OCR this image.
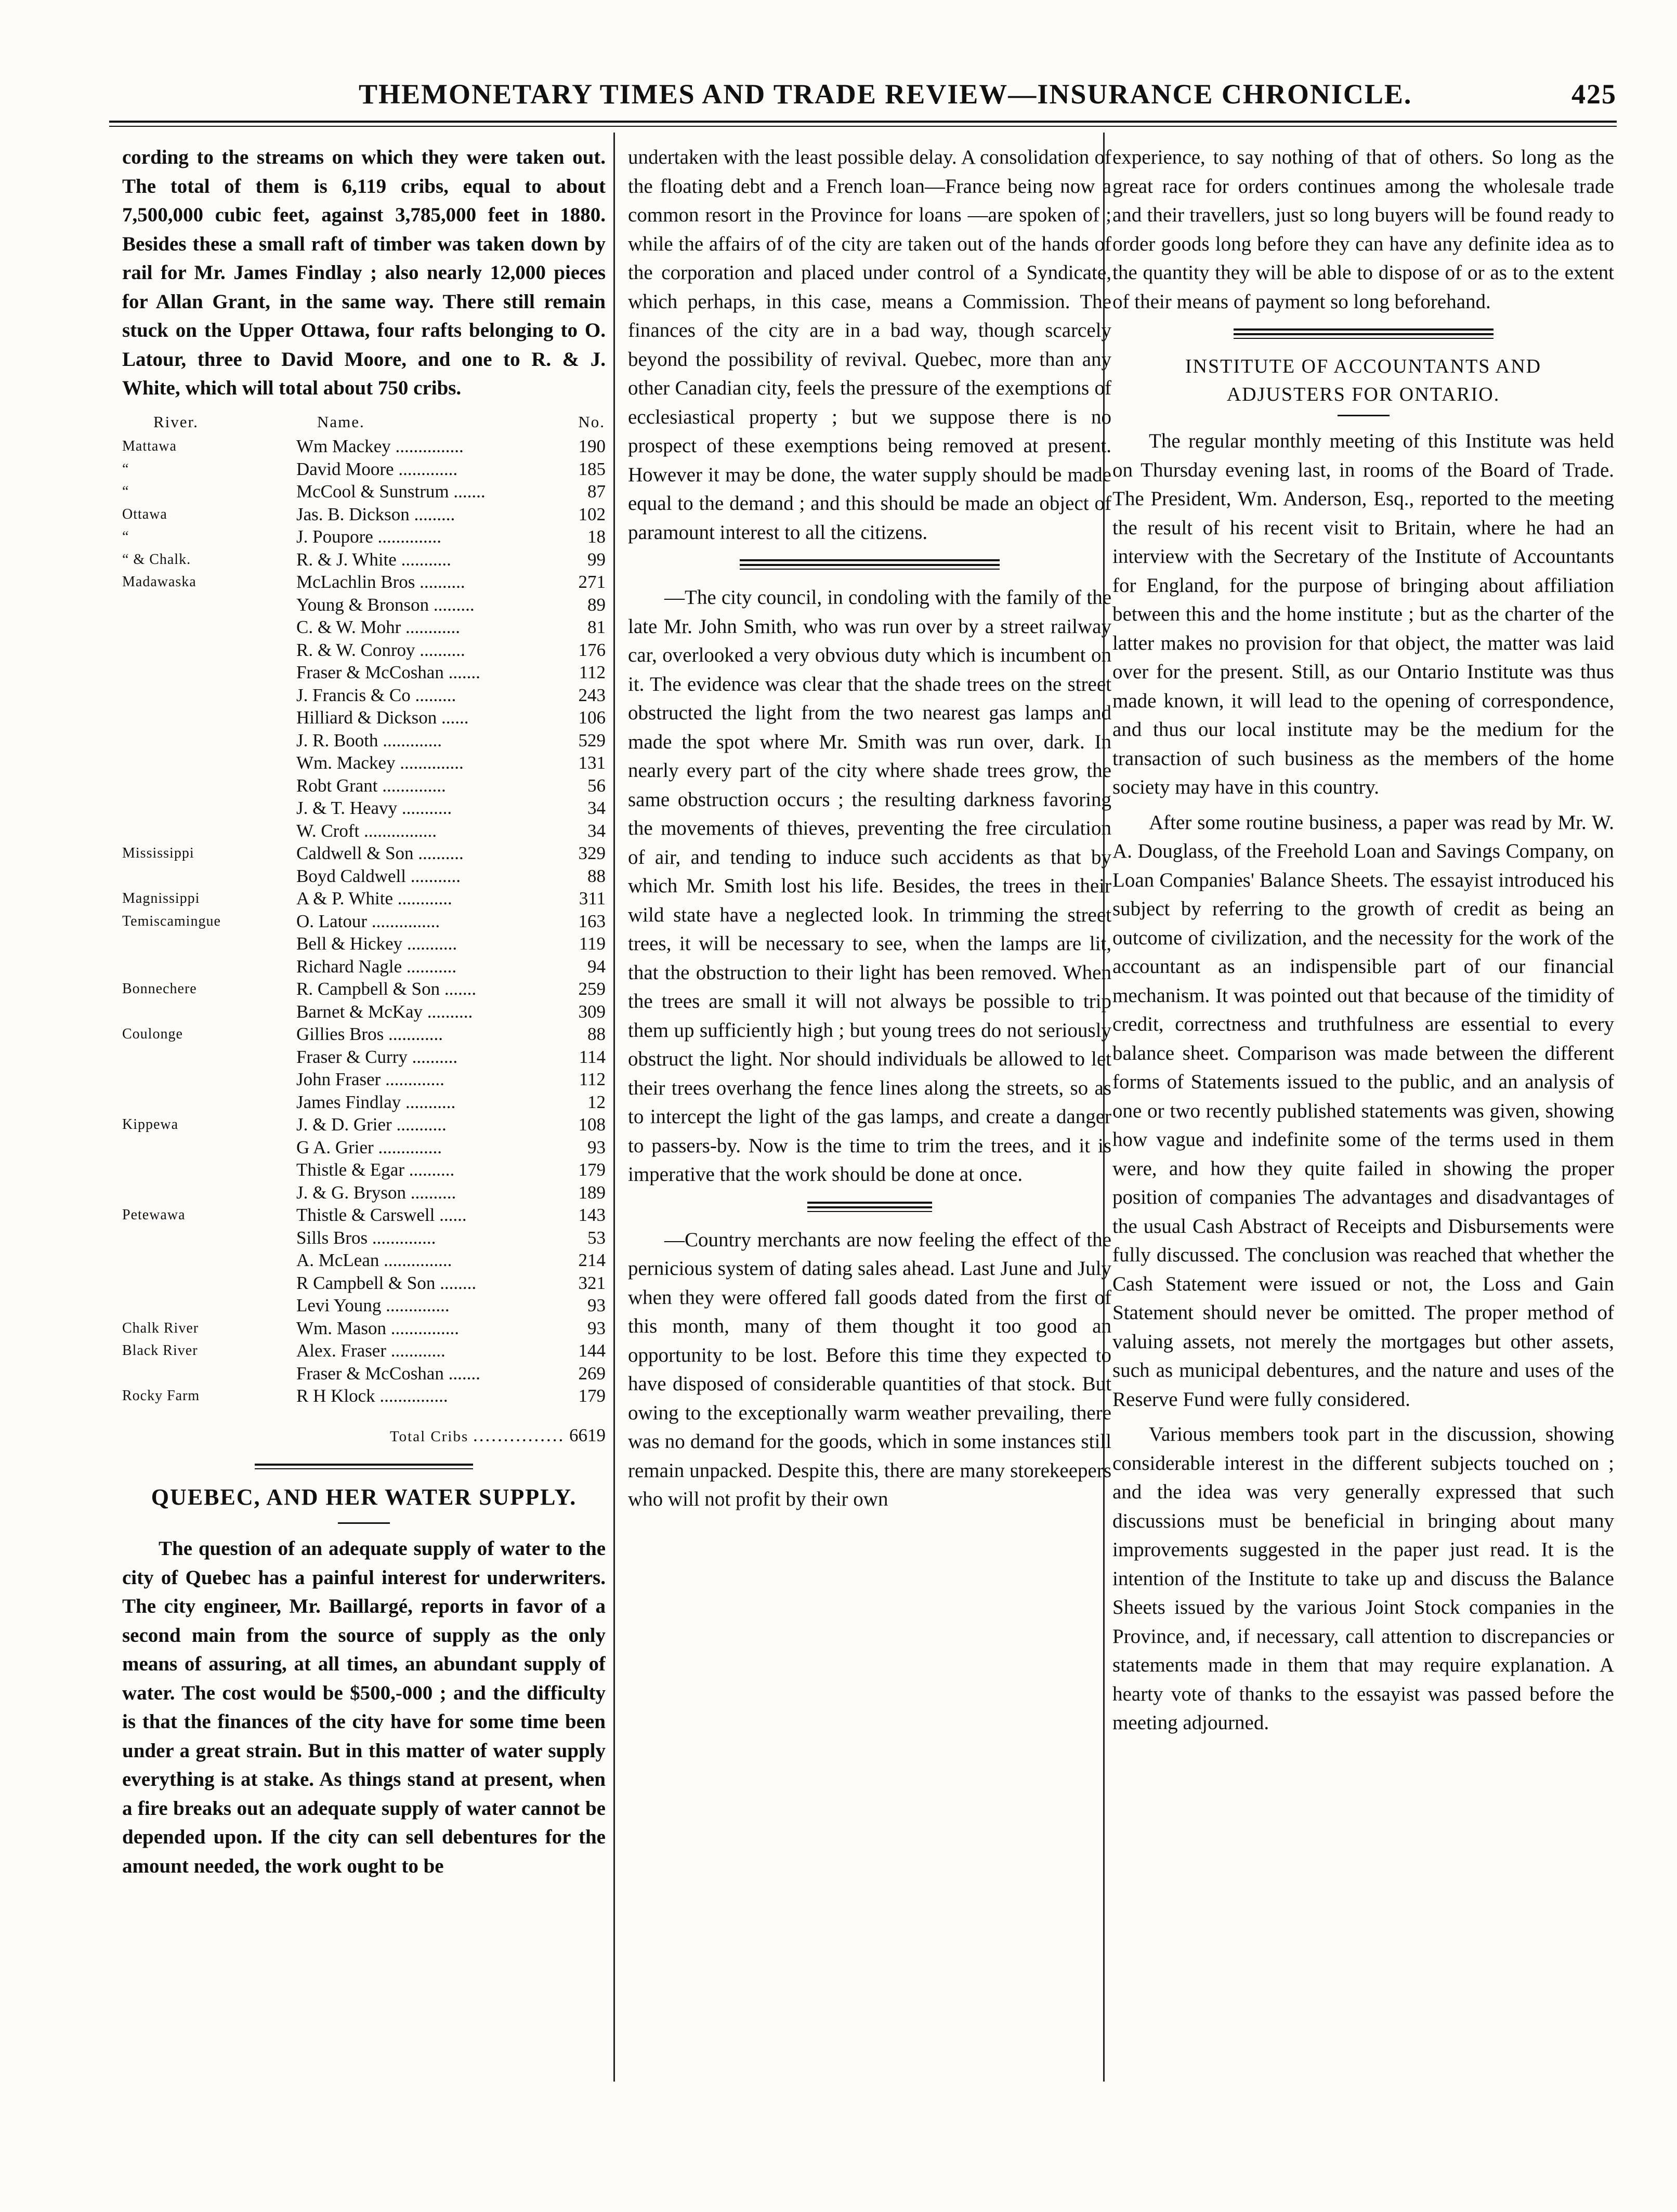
THEMONETARY TIMES AND TRADE REVIEW—INSURANCE CHRONICLE.	425

cording to the streams on which they were taken out. The total of them is 6,119 cribs, equal to about 7,500,000 cubic feet, against 3,785,000 feet in 1880. Besides these a small raft of timber was taken down by rail for Mr. James Findlay ; also nearly 12,000 pieces for Allan Grant, in the same way. There still remain stuck on the Upper Ottawa, four rafts belonging to O. Latour, three to David Moore, and one to R. & J. White, which will total about 750 cribs.

River.	Name.	No.
Mattawa	Wm Mackey ...............	190
“	David Moore .............	185
“	McCool & Sunstrum .......	87
Ottawa	Jas. B. Dickson .........	102
“	J. Poupore ..............	18
“ & Chalk.	R. & J. White ...........	99
Madawaska	McLachlin Bros ..........	271
	Young & Bronson .........	89
	C. & W. Mohr ............	81
	R. & W. Conroy ..........	176
	Fraser & McCoshan .......	112
	J. Francis & Co .........	243
	Hilliard & Dickson ......	106
	J. R. Booth .............	529
	Wm. Mackey ..............	131
	Robt Grant ..............	56
	J. & T. Heavy ...........	34
	W. Croft ................	34
Mississippi	Caldwell & Son ..........	329
	Boyd Caldwell ...........	88
Magnissippi	A & P. White ............	311
Temiscamingue	O. Latour ...............	163
	Bell & Hickey ...........	119
	Richard Nagle ...........	94
Bonnechere	R. Campbell & Son .......	259
	Barnet & McKay ..........	309
Coulonge	Gillies Bros ............	88
	Fraser & Curry ..........	114
	John Fraser .............	112
	James Findlay ...........	12
Kippewa	J. & D. Grier ...........	108
	G A. Grier ..............	93
	Thistle & Egar ..........	179
	J. & G. Bryson ..........	189
Petewawa	Thistle & Carswell ......	143
	Sills Bros ..............	53
	A. McLean ...............	214
	R Campbell & Son ........	321
	Levi Young ..............	93
Chalk River	Wm. Mason ...............	93
Black River	Alex. Fraser ............	144
	Fraser & McCoshan .......	269
Rocky Farm	R H Klock ...............	179
Total Cribs ............... 6619
QUEBEC, AND HER WATER SUPPLY.

The question of an adequate supply of water to the city of Quebec has a painful interest for underwriters. The city engineer, Mr. Baillargé, reports in favor of a second main from the source of supply as the only means of assuring, at all times, an abundant supply of water. The cost would be $500,-000 ; and the difficulty is that the finances of the city have for some time been under a great strain. But in this matter of water supply everything is at stake. As things stand at present, when a fire breaks out an adequate supply of water cannot be depended upon. If the city can sell debentures for the amount needed, the work ought to be

undertaken with the least possible delay. A consolidation of the floating debt and a French loan—France being now a common resort in the Province for loans —are spoken of ; while the affairs of of the city are taken out of the hands of the corporation and placed under control of a Syndicate, which perhaps, in this case, means a Commission. The finances of the city are in a bad way, though scarcely beyond the possibility of revival. Quebec, more than any other Canadian city, feels the pressure of the exemptions of ecclesiastical property ; but we suppose there is no prospect of these exemptions being removed at present. However it may be done, the water supply should be made equal to the demand ; and this should be made an object of paramount interest to all the citizens.

—The city council, in condoling with the family of the late Mr. John Smith, who was run over by a street railway car, overlooked a very obvious duty which is incumbent on it. The evidence was clear that the shade trees on the street obstructed the light from the two nearest gas lamps and made the spot where Mr. Smith was run over, dark. In nearly every part of the city where shade trees grow, the same obstruction occurs ; the resulting darkness favoring the movements of thieves, preventing the free circulation of air, and tending to induce such accidents as that by which Mr. Smith lost his life. Besides, the trees in their wild state have a neglected look. In trimming the street trees, it will be necessary to see, when the lamps are lit, that the obstruction to their light has been removed. When the trees are small it will not always be possible to trip them up sufficiently high ; but young trees do not seriously obstruct the light. Nor should individuals be allowed to let their trees overhang the fence lines along the streets, so as to intercept the light of the gas lamps, and create a danger to passers-by. Now is the time to trim the trees, and it is imperative that the work should be done at once.

—Country merchants are now feeling the effect of the pernicious system of dating sales ahead. Last June and July when they were offered fall goods dated from the first of this month, many of them thought it too good an opportunity to be lost. Before this time they expected to have disposed of considerable quantities of that stock. But owing to the exceptionally warm weather prevailing, there was no demand for the goods, which in some instances still remain unpacked. Despite this, there are many storekeepers who will not profit by their own

experience, to say nothing of that of others. So long as the great race for orders continues among the wholesale trade and their travellers, just so long buyers will be found ready to order goods long before they can have any definite idea as to the quantity they will be able to dispose of or as to the extent of their means of payment so long beforehand.

INSTITUTE OF ACCOUNTANTS AND
ADJUSTERS FOR ONTARIO.

The regular monthly meeting of this Institute was held on Thursday evening last, in rooms of the Board of Trade. The President, Wm. Anderson, Esq., reported to the meeting the result of his recent visit to Britain, where he had an interview with the Secretary of the Institute of Accountants for England, for the purpose of bringing about affiliation between this and the home institute ; but as the charter of the latter makes no provision for that object, the matter was laid over for the present. Still, as our Ontario Institute was thus made known, it will lead to the opening of correspondence, and thus our local institute may be the medium for the transaction of such business as the members of the home society may have in this country.

After some routine business, a paper was read by Mr. W. A. Douglass, of the Freehold Loan and Savings Company, on Loan Companies' Balance Sheets. The essayist introduced his subject by referring to the growth of credit as being an outcome of civilization, and the necessity for the work of the accountant as an indispensible part of our financial mechanism. It was pointed out that because of the timidity of credit, correctness and truthfulness are essential to every balance sheet. Comparison was made between the different forms of Statements issued to the public, and an analysis of one or two recently published statements was given, showing how vague and indefinite some of the terms used in them were, and how they quite failed in showing the proper position of companies The advantages and disadvantages of the usual Cash Abstract of Receipts and Disbursements were fully discussed. The conclusion was reached that whether the Cash Statement were issued or not, the Loss and Gain Statement should never be omitted. The proper method of valuing assets, not merely the mortgages but other assets, such as municipal debentures, and the nature and uses of the Reserve Fund were fully considered.

Various members took part in the discussion, showing considerable interest in the different subjects touched on ; and the idea was very generally expressed that such discussions must be beneficial in bringing about many improvements suggested in the paper just read. It is the intention of the Institute to take up and discuss the Balance Sheets issued by the various Joint Stock companies in the Province, and, if necessary, call attention to discrepancies or statements made in them that may require explanation. A hearty vote of thanks to the essayist was passed before the meeting adjourned.
